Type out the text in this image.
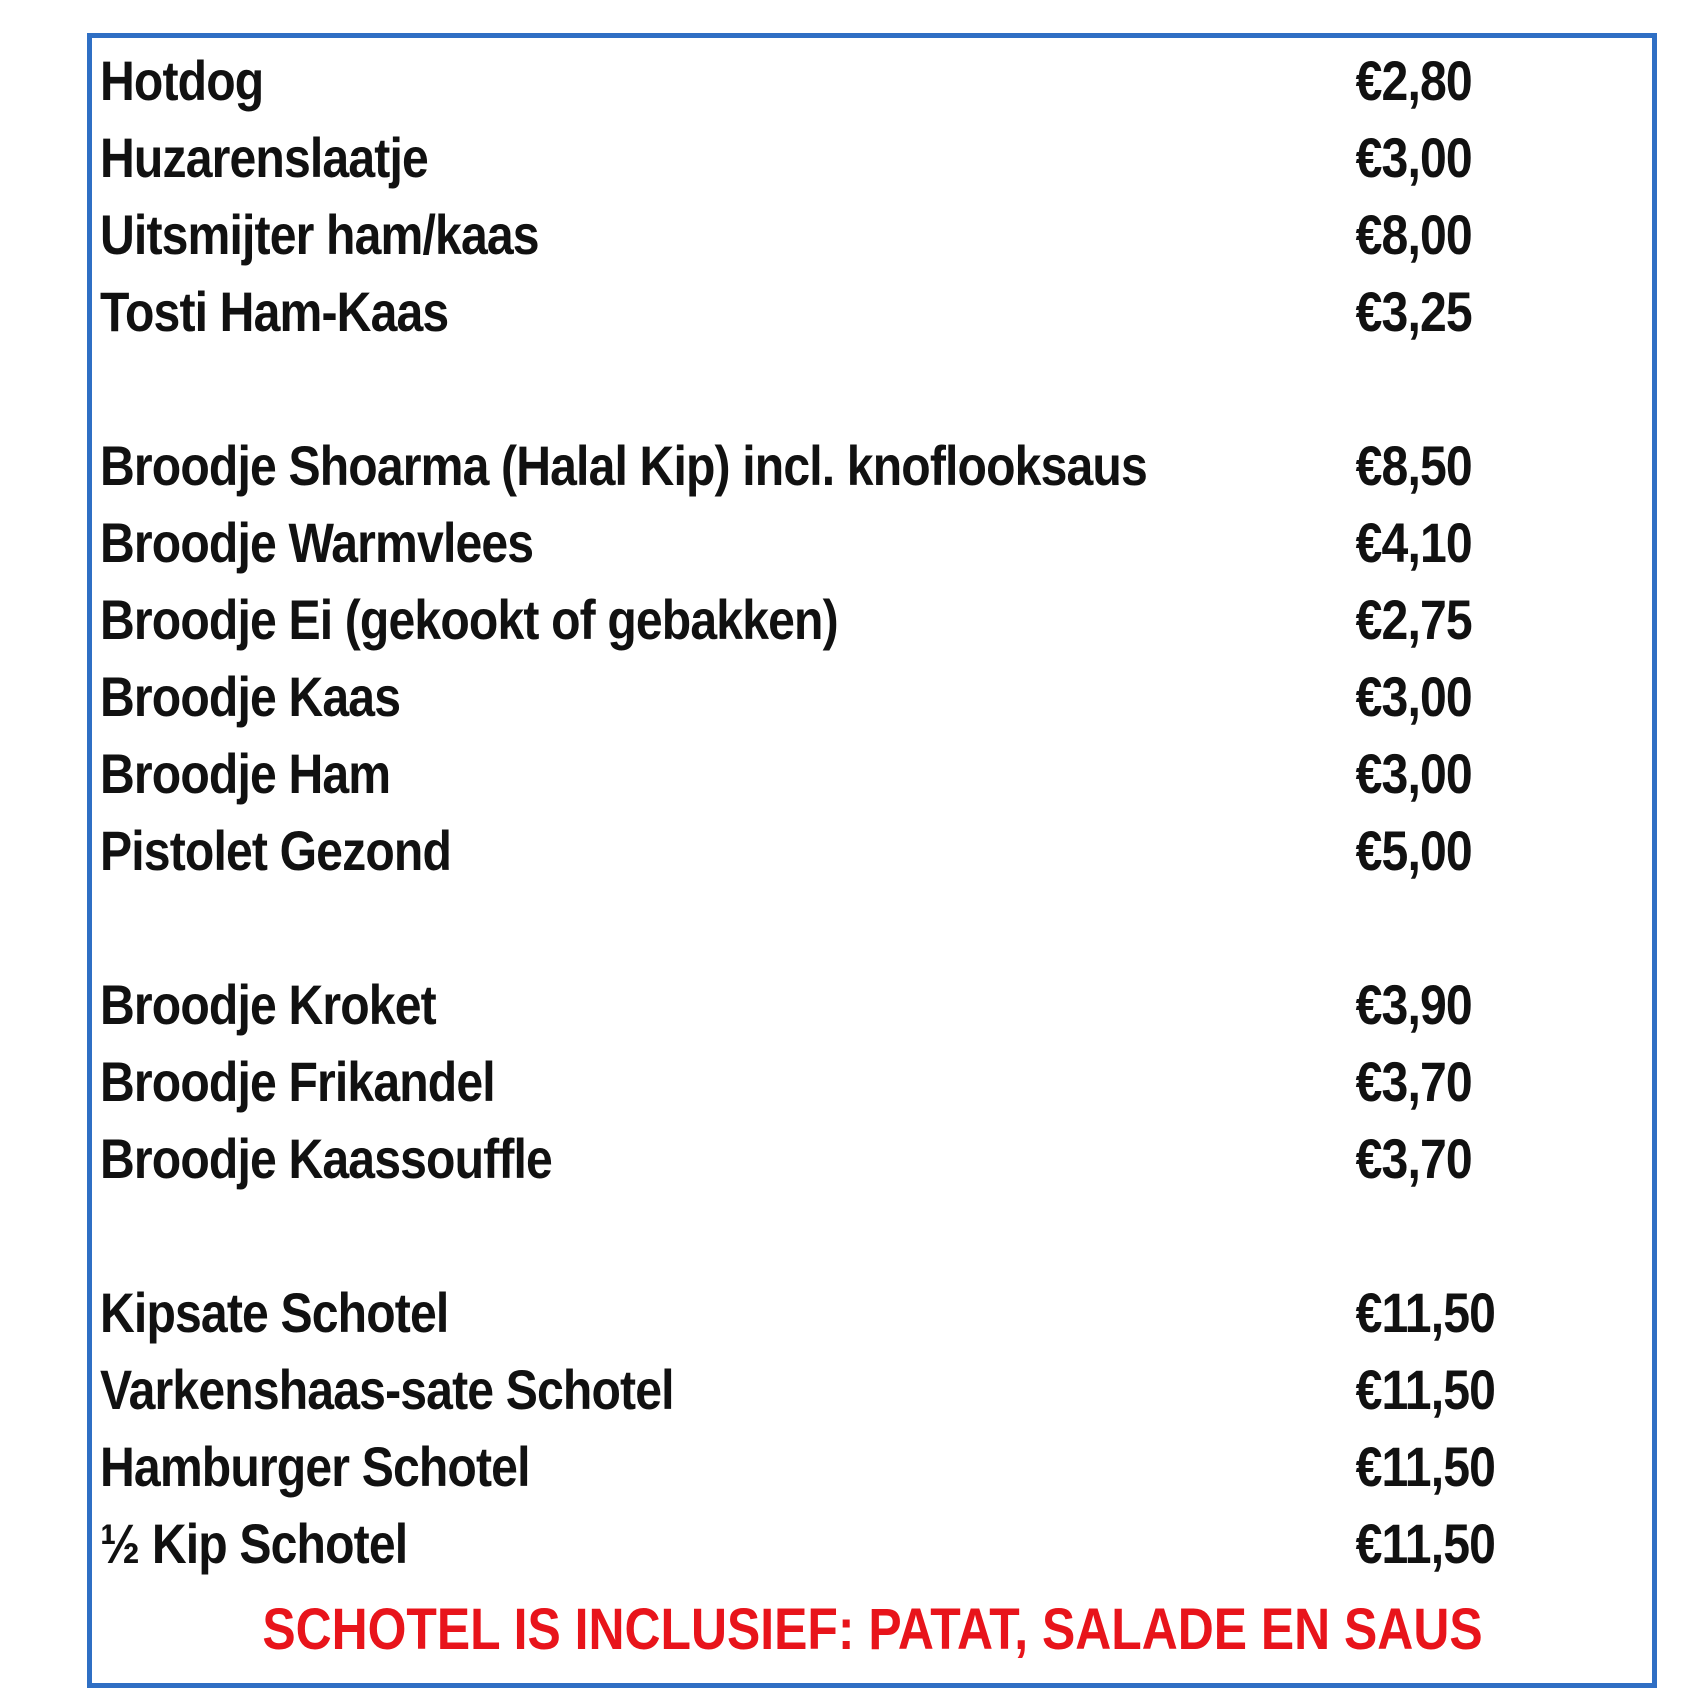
Hotdog	€2,80
Huzarenslaatje	€3,00
Uitsmijter ham/kaas	€8,00
Tosti Ham-Kaas	€3,25
Broodje Shoarma (Halal Kip) incl. knoflooksaus	€8,50
Broodje Warmvlees	€4,10
Broodje Ei (gekookt of gebakken)	€2,75
Broodje Kaas	€3,00
Broodje Ham	€3,00
Pistolet Gezond	€5,00
Broodje Kroket	€3,90
Broodje Frikandel	€3,70
Broodje Kaassouffle	€3,70
Kipsate Schotel	€11,50
Varkenshaas-sate Schotel	€11,50
Hamburger Schotel	€11,50
½ Kip Schotel	€11,50
SCHOTEL IS INCLUSIEF: PATAT, SALADE EN SAUS
